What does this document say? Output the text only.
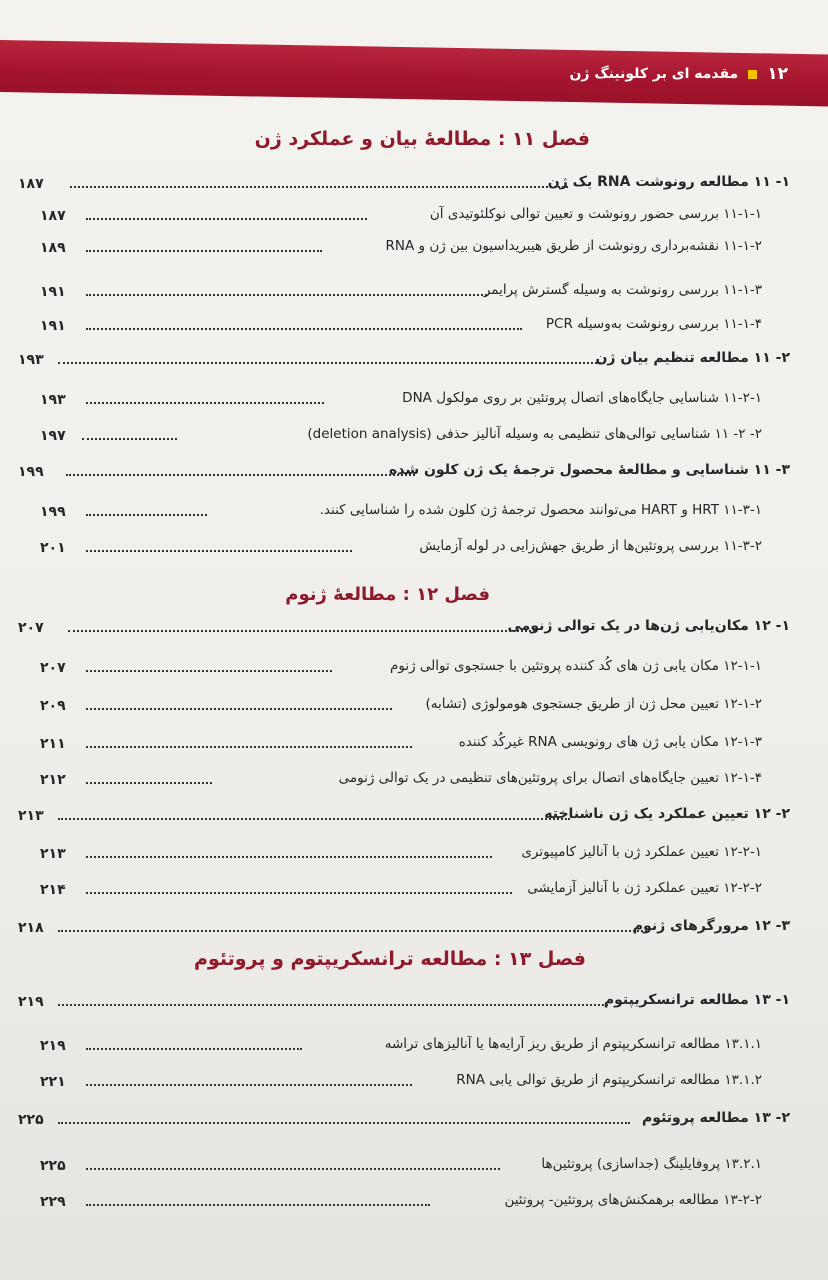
۱۲
مقدمه ای بر کلونینگ ژن
فصل ۱۱ : مطالعهٔ بیان و عملکرد ژن
فصل ۱۲ : مطالعهٔ ژنوم
فصل ۱۳ : مطالعه ترانسکریپتوم و پروتئوم
۱- ۱۱ مطالعه رونوشت RNA یک ژن
۱۸۷
۱۱-۱-۱ بررسی حضور رونوشت و تعیین توالی نوکلئوتیدی آن
۱۸۷
۱۱-۱-۲ نقشه‌برداری رونوشت از طریق هیبریداسیون بین ژن و RNA
۱۸۹
۱۱-۱-۳ بررسی رونوشت به وسیله گسترش پرایمر
۱۹۱
۱۱-۱-۴ بررسی رونوشت به‌وسیله PCR
۱۹۱
۲- ۱۱ مطالعه تنظیم بیان ژن
۱۹۳
۱۱-۲-۱ شناسایی جایگاه‌های اتصال پروتئین بر روی مولکول DNA
۱۹۳
۲- ۲- ۱۱ شناسایی توالی‌های تنظیمی به وسیله آنالیز حذفی (deletion analysis)
۱۹۷
۳- ۱۱ شناسایی و مطالعهٔ محصول ترجمهٔ یک ژن کلون شده
۱۹۹
۱۱-۳-۱ HRT و HART می‌توانند محصول ترجمهٔ ژن کلون شده را شناسایی کنند.
۱۹۹
۱۱-۳-۲ بررسی پروتئین‌ها از طریق جهش‌زایی در لوله آزمایش
۲۰۱
۱- ۱۲ مکان‌یابی ژن‌ها در یک توالی ژنومی
۲۰۷
۱۲-۱-۱ مکان یابی ژن های کُد کننده پروتئین با جستجوی توالی ژنوم
۲۰۷
۱۲-۱-۲ تعیین محل ژن از طریق جستجوی هومولوژی (تشابه)
۲۰۹
۱۲-۱-۳ مکان یابی ژن های رونویسی RNA غیرکُد کننده
۲۱۱
۱۲-۱-۴ تعیین جایگاه‌های اتصال برای پروتئین‌های تنظیمی در یک توالی ژنومی
۲۱۲
۲- ۱۲ تعیین عملکرد یک ژن ناشناخته
۲۱۳
۱۲-۲-۱ تعیین عملکرد ژن با آنالیز کامپیوتری
۲۱۳
۱۲-۲-۲ تعیین عملکرد ژن با آنالیز آزمایشی
۲۱۴
۳- ۱۲ مرورگرهای ژنوم
۲۱۸
۱- ۱۳ مطالعه ترانسکریپتوم
۲۱۹
۱۳.۱.۱ مطالعه ترانسکریپتوم از طریق ریز آرایه‌ها یا آنالیزهای تراشه
۲۱۹
۱۳.۱.۲ مطالعه ترانسکریپتوم از طریق توالی یابی RNA
۲۲۱
۲- ۱۳ مطالعه پروتئوم
۲۲۵
۱۳.۲.۱ پروفایلینگ (جداسازی) پروتئین‌ها
۲۲۵
۱۳-۲-۲ مطالعه برهمکنش‌های پروتئین- پروتئین
۲۲۹
